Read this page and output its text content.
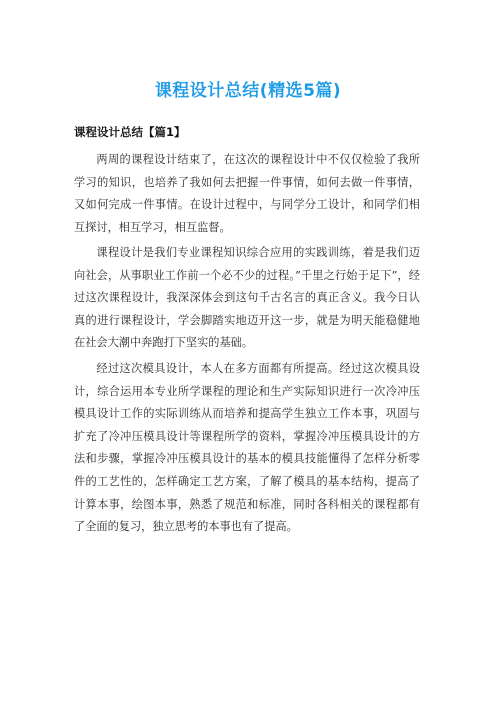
课程设计总结(精选5篇)
课程设计总结【篇1】

两周的课程设计结束了，在这次的课程设计中不仅仅检验了我所学习的知识，也培养了我如何去把握一件事情，如何去做一件事情，又如何完成一件事情。在设计过程中，与同学分工设计，和同学们相互探讨，相互学习，相互监督。

课程设计是我们专业课程知识综合应用的实践训练，着是我们迈向社会，从事职业工作前一个必不少的过程。”千里之行始于足下”，经过这次课程设计，我深深体会到这句千古名言的真正含义。我今日认真的进行课程设计，学会脚踏实地迈开这一步，就是为明天能稳健地在社会大潮中奔跑打下坚实的基础。

经过这次模具设计，本人在多方面都有所提高。经过这次模具设计，综合运用本专业所学课程的理论和生产实际知识进行一次冷冲压模具设计工作的实际训练从而培养和提高学生独立工作本事，巩固与扩充了冷冲压模具设计等课程所学的资料，掌握冷冲压模具设计的方法和步骤，掌握冷冲压模具设计的基本的模具技能懂得了怎样分析零件的工艺性的，怎样确定工艺方案，了解了模具的基本结构，提高了计算本事，绘图本事，熟悉了规范和标准，同时各科相关的课程都有了全面的复习，独立思考的本事也有了提高。
